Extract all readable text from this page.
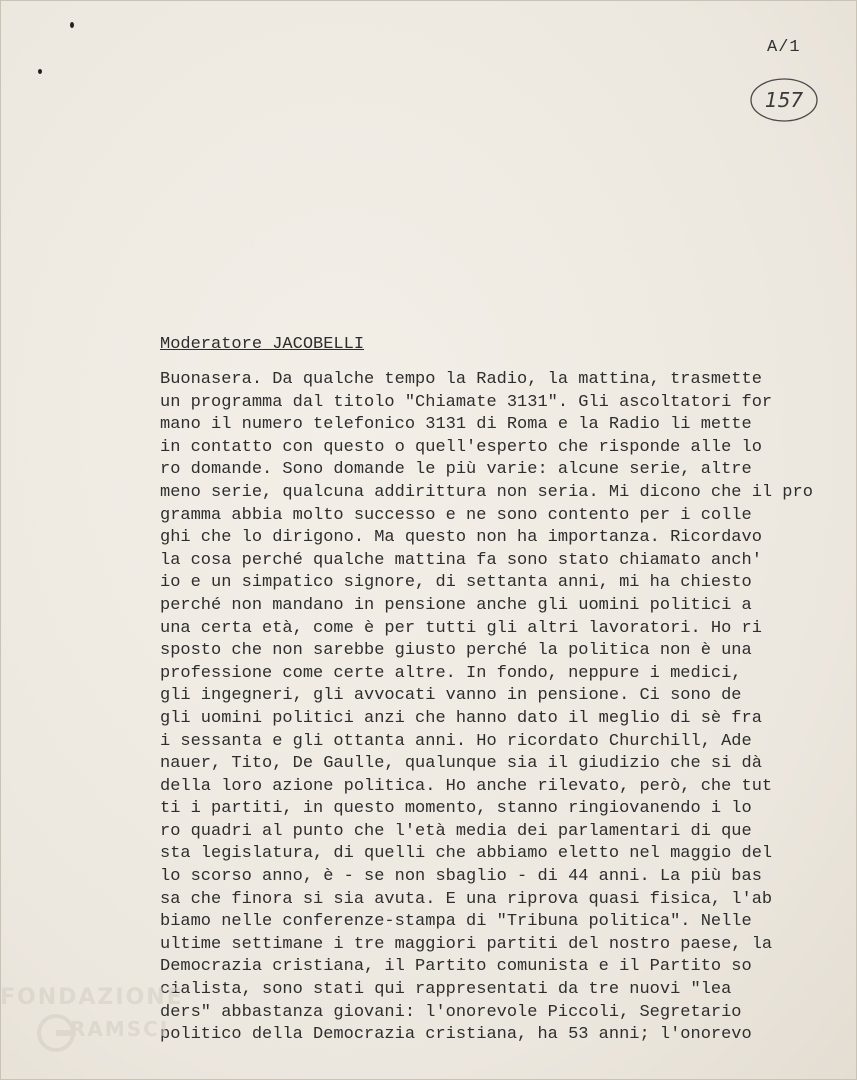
A/1
157
Moderatore JACOBELLI
Buonasera. Da qualche tempo la Radio, la mattina, trasmette
un programma dal titolo "Chiamate 3131". Gli ascoltatori for
mano il numero telefonico 3131 di Roma e la Radio li mette
in contatto con questo o quell'esperto che risponde alle lo
ro domande. Sono domande le più varie: alcune serie, altre
meno serie, qualcuna addirittura non seria. Mi dicono che il pro
gramma abbia molto successo e ne sono contento per i colle
ghi che lo dirigono. Ma questo non ha importanza. Ricordavo
la cosa perché qualche mattina fa sono stato chiamato anch'
io e un simpatico signore, di settanta anni, mi ha chiesto
perché non mandano in pensione anche gli uomini politici a
una certa età, come è per tutti gli altri lavoratori. Ho ri
sposto che non sarebbe giusto perché la politica non è una
professione come certe altre. In fondo, neppure i medici,
gli ingegneri, gli avvocati vanno in pensione. Ci sono de
gli uomini politici anzi che hanno dato il meglio di sè fra
i sessanta e gli ottanta anni. Ho ricordato Churchill, Ade
nauer, Tito, De Gaulle, qualunque sia il giudizio che si dà
della loro azione politica. Ho anche rilevato, però, che tut
ti i partiti, in questo momento, stanno ringiovanendo i lo
ro quadri al punto che l'età media dei parlamentari di que
sta legislatura, di quelli che abbiamo eletto nel maggio del
lo scorso anno, è - se non sbaglio - di 44 anni. La più bas
sa che finora si sia avuta. E una riprova quasi fisica, l'ab
biamo nelle conferenze-stampa di "Tribuna politica". Nelle
ultime settimane i tre maggiori partiti del nostro paese, la
Democrazia cristiana, il Partito comunista e il Partito so
cialista, sono stati qui rappresentati da tre nuovi "lea
ders" abbastanza giovani: l'onorevole Piccoli, Segretario
politico della Democrazia cristiana, ha 53 anni; l'onorevo
FONDAZIONE
RAMSCI
